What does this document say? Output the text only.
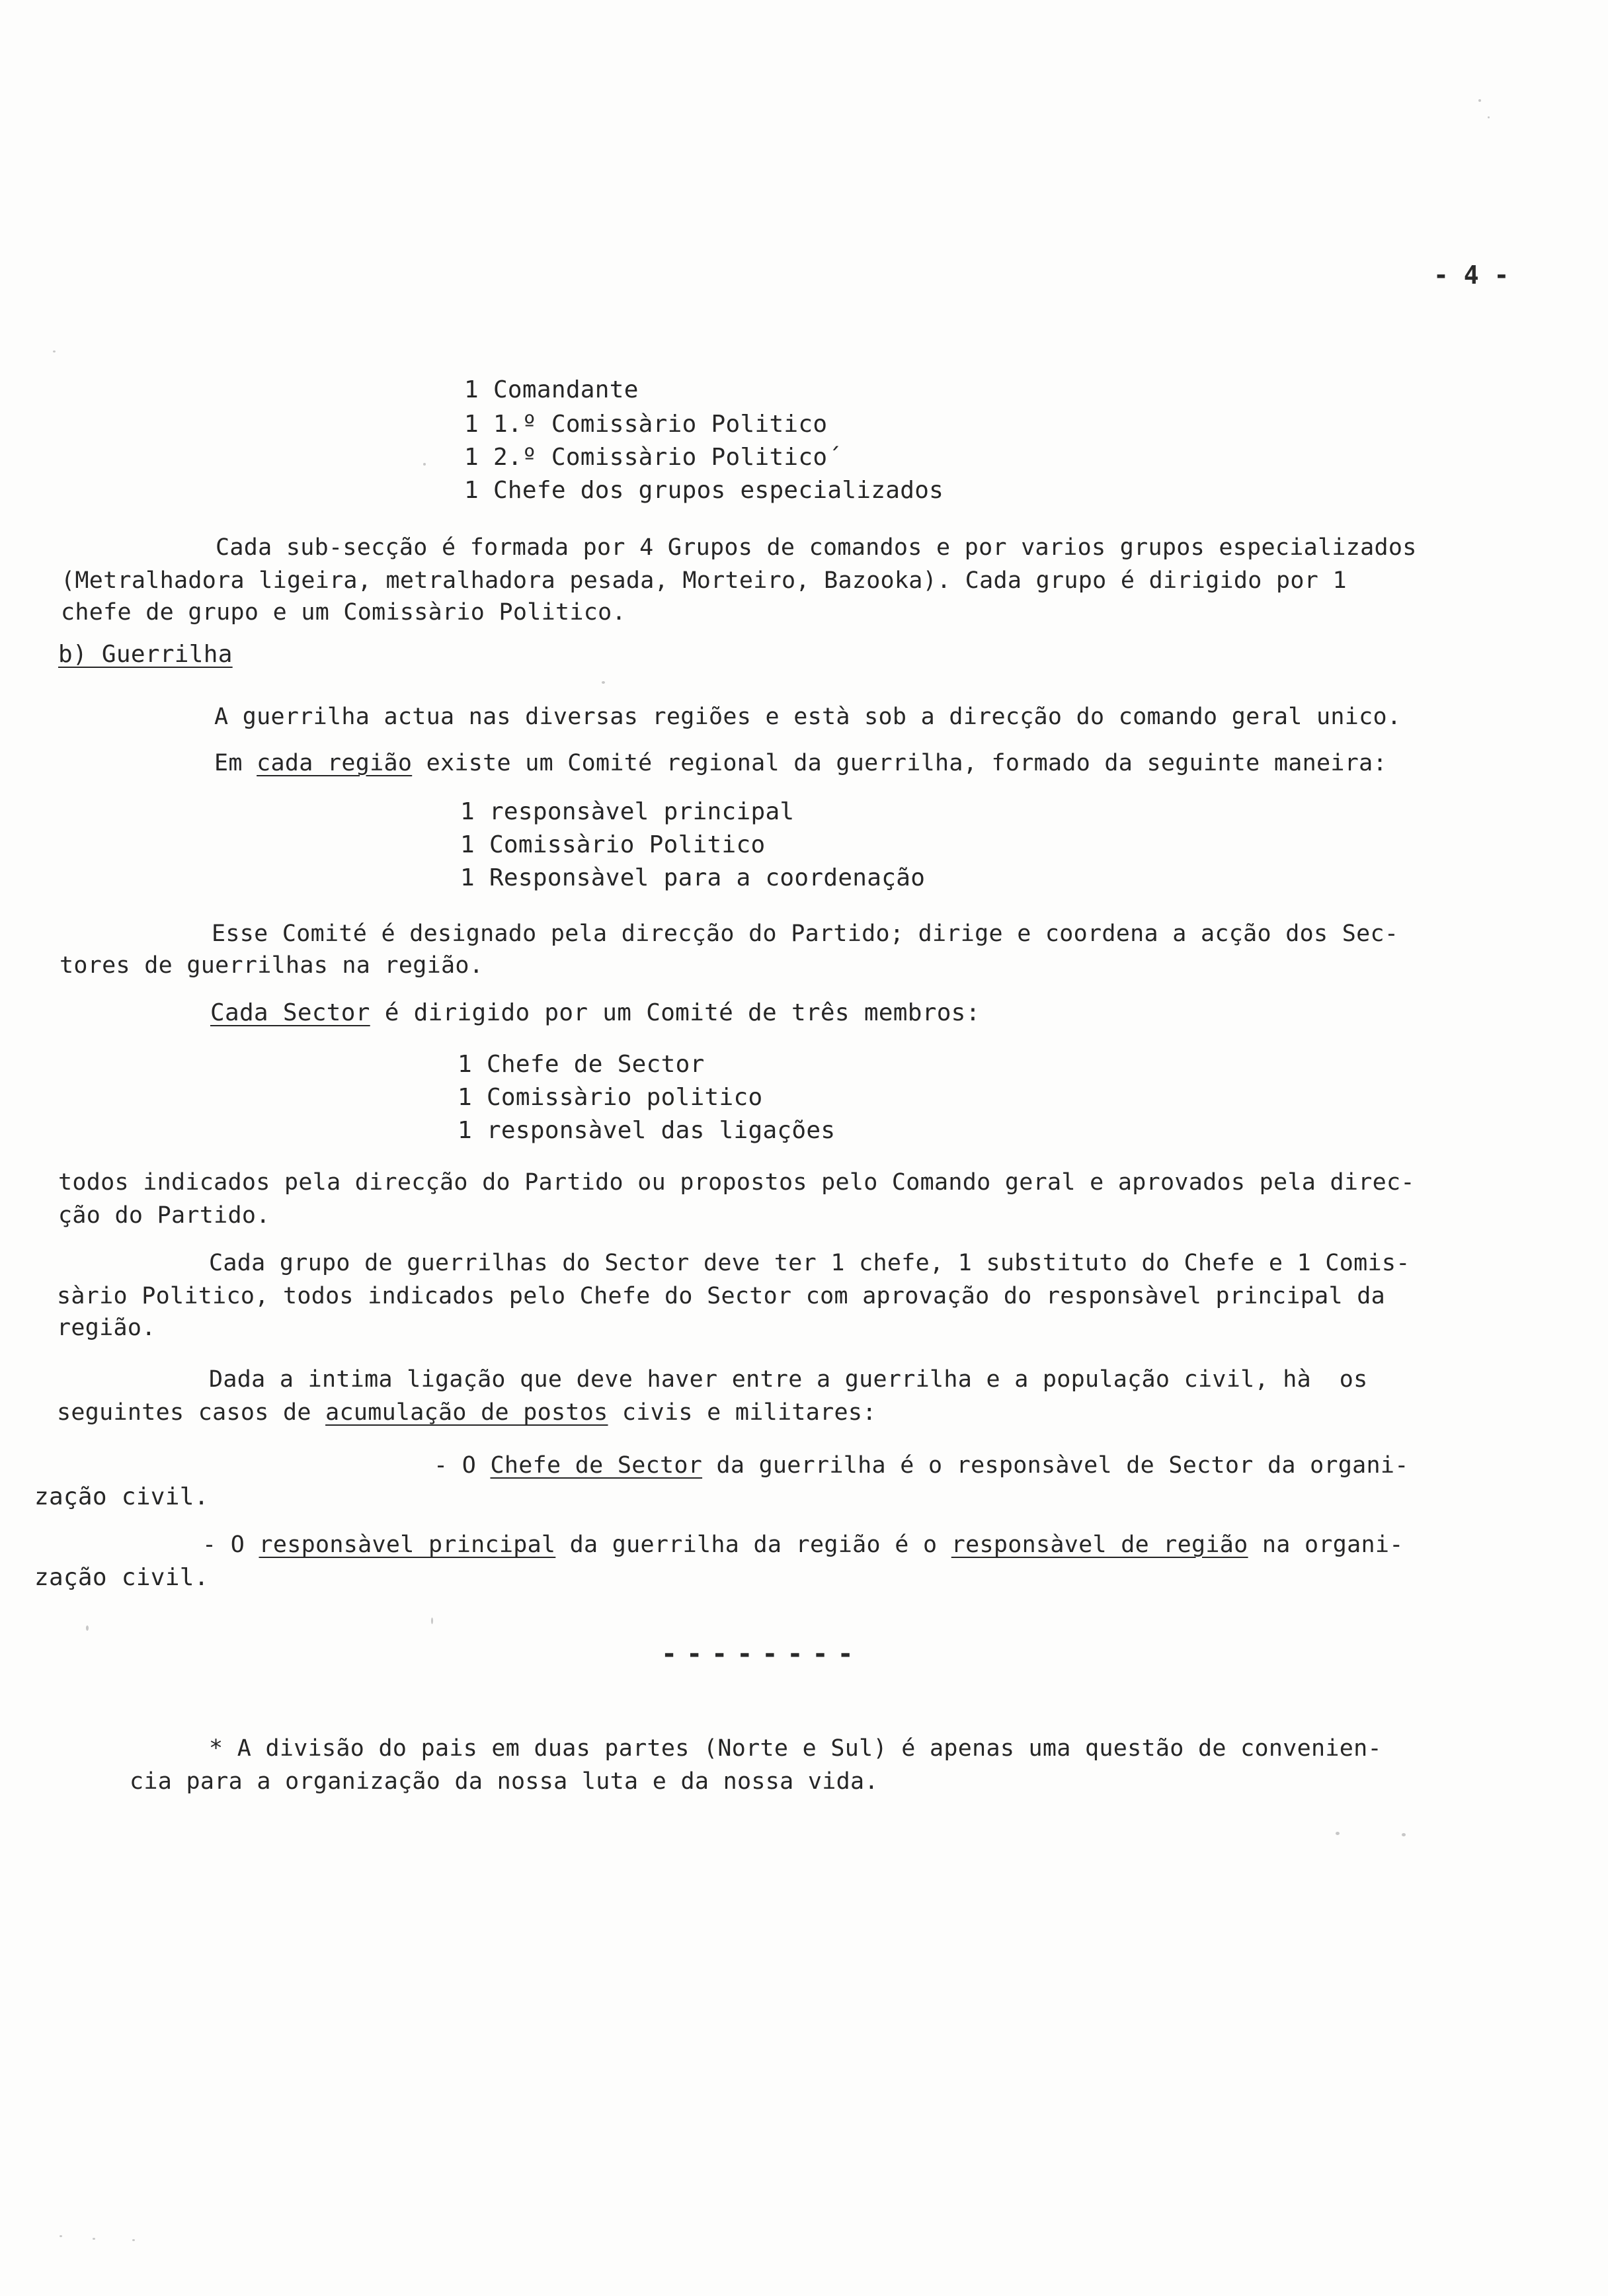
- 4 -
1 Comandante
1 1.º Comissàrio Politico
1 2.º Comissàrio Politico´
1 Chefe dos grupos especializados
Cada sub-secção é formada por 4 Grupos de comandos e por varios grupos especializados
(Metralhadora ligeira, metralhadora pesada, Morteiro, Bazooka). Cada grupo é dirigido por 1
chefe de grupo e um Comissàrio Politico.
b) Guerrilha
A guerrilha actua nas diversas regiões e està sob a direcção do comando geral unico.
Em cada região existe um Comité regional da guerrilha, formado da seguinte maneira:
1 responsàvel principal
1 Comissàrio Politico
1 Responsàvel para a coordenação
Esse Comité é designado pela direcção do Partido; dirige e coordena a acção dos Sec-
tores de guerrilhas na região.
Cada Sector é dirigido por um Comité de três membros:
1 Chefe de Sector
1 Comissàrio politico
1 responsàvel das ligações
todos indicados pela direcção do Partido ou propostos pelo Comando geral e aprovados pela direc-
ção do Partido.
Cada grupo de guerrilhas do Sector deve ter 1 chefe, 1 substituto do Chefe e 1 Comis-
sàrio Politico, todos indicados pelo Chefe do Sector com aprovação do responsàvel principal da
região.
Dada a intima ligação que deve haver entre a guerrilha e a população civil, hà  os
seguintes casos de acumulação de postos civis e militares:
- O Chefe de Sector da guerrilha é o responsàvel de Sector da organi-
zação civil.
- O responsàvel principal da guerrilha da região é o responsàvel de região na organi-
zação civil.
--------
* A divisão do pais em duas partes (Norte e Sul) é apenas uma questão de convenien-
cia para a organização da nossa luta e da nossa vida.
